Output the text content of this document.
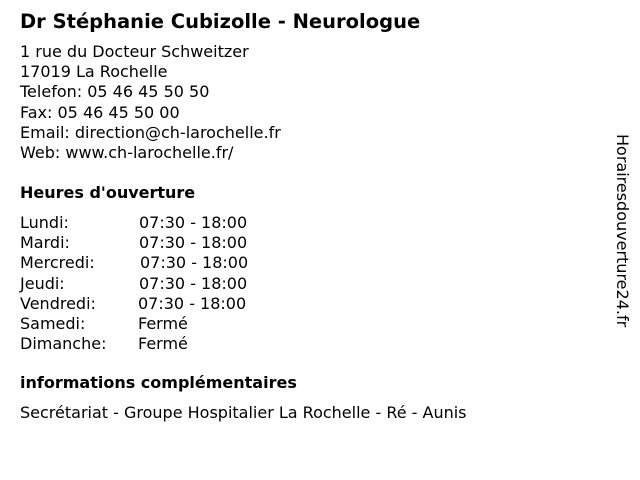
Dr Stéphanie Cubizolle - Neurologue
1 rue du Docteur Schweitzer
17019 La Rochelle
Telefon: 05 46 45 50 50
Fax: 05 46 45 50 00
Email: direction@ch-larochelle.fr
Web: www.ch-larochelle.fr/
Heures d'ouverture
Lundi:	07:30 - 18:00
Mardi:	07:30 - 18:00
Mercredi:	07:30 - 18:00
Jeudi:	07:30 - 18:00
Vendredi:	07:30 - 18:00
Samedi:	Fermé
Dimanche: Fermé
informations complémentaires
Secrétariat - Groupe Hospitalier La Rochelle - Ré - Aunis
Horairesdouverture24.fr
